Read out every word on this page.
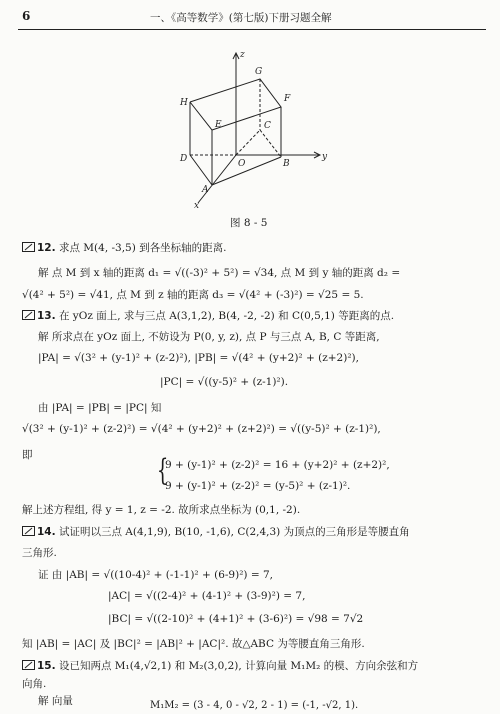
6	一、《高等数学》(第七版)下册习题全解
z
G
E
H	F
C
O
D	B
y
A
x
图 8 - 5
12. 求点 M(4, -3,5) 到各坐标轴的距离.
解 点 M 到 x 轴的距离 d₁ = √((-3)² + 5²) = √34, 点 M 到 y 轴的距离 d₂ =
√(4² + 5²) = √41, 点 M 到 z 轴的距离 d₃ = √(4² + (-3)²) = √25 = 5.
13. 在 yOz 面上, 求与三点 A(3,1,2), B(4, -2, -2) 和 C(0,5,1) 等距离的点.
解 所求点在 yOz 面上, 不妨设为 P(0, y, z), 点 P 与三点 A, B, C 等距离,
|PA| = √(3² + (y-1)² + (z-2)²), |PB| = √(4² + (y+2)² + (z+2)²),
|PC| = √((y-5)² + (z-1)²).
由 |PA| = |PB| = |PC| 知
√(3² + (y-1)² + (z-2)²) = √(4² + (y+2)² + (z+2)²) = √((y-5)² + (z-1)²),
即	{
9 + (y-1)² + (z-2)² = 16 + (y+2)² + (z+2)²,
9 + (y-1)² + (z-2)² = (y-5)² + (z-1)².
解上述方程组, 得 y = 1, z = -2. 故所求点坐标为 (0,1, -2).
14. 试证明以三点 A(4,1,9), B(10, -1,6), C(2,4,3) 为顶点的三角形是等腰直角
三角形.
证 由 |AB| = √((10-4)² + (-1-1)² + (6-9)²) = 7,
|AC| = √((2-4)² + (4-1)² + (3-9)²) = 7,
|BC| = √((2-10)² + (4+1)² + (3-6)²) = √98 = 7√2
知 |AB| = |AC| 及 |BC|² = |AB|² + |AC|². 故△ABC 为等腰直角三角形.
15. 设已知两点 M₁(4,√2,1) 和 M₂(3,0,2), 计算向量 M₁M₂ 的模、方向余弦和方
向角.
解 向量	M₁M₂ = (3 - 4, 0 - √2, 2 - 1) = (-1, -√2, 1).
